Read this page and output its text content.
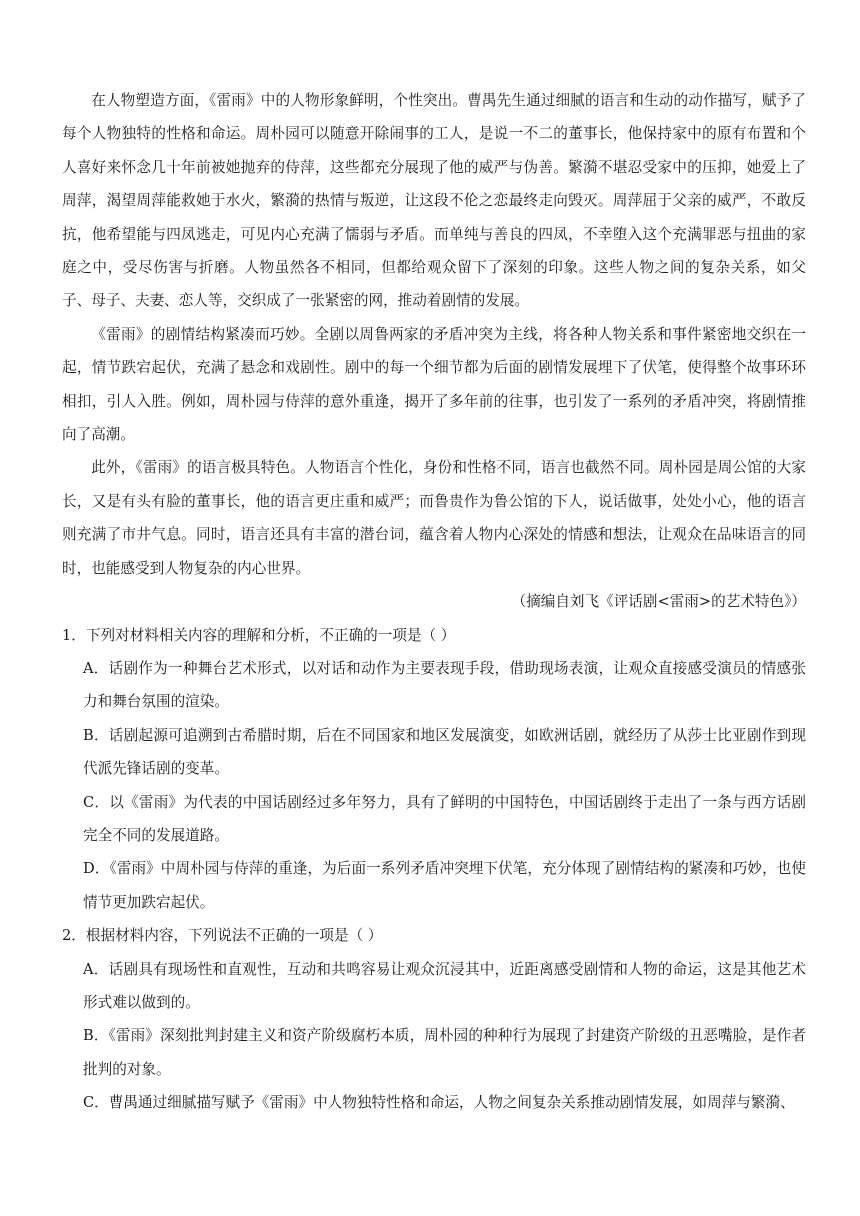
在人物塑造方面，《雷雨》中的人物形象鲜明，个性突出。曹禺先生通过细腻的语言和生动的动作描写，赋予了每个人物独特的性格和命运。周朴园可以随意开除闹事的工人，是说一不二的董事长，他保持家中的原有布置和个人喜好来怀念几十年前被她抛弃的侍萍，这些都充分展现了他的威严与伪善。繁漪不堪忍受家中的压抑，她爱上了周萍，渴望周萍能救她于水火，繁漪的热情与叛逆，让这段不伦之恋最终走向毁灭。周萍屈于父亲的威严，不敢反抗，他希望能与四凤逃走，可见内心充满了懦弱与矛盾。而单纯与善良的四凤，不幸堕入这个充满罪恶与扭曲的家庭之中，受尽伤害与折磨。人物虽然各不相同，但都给观众留下了深刻的印象。这些人物之间的复杂关系，如父子、母子、夫妻、恋人等，交织成了一张紧密的网，推动着剧情的发展。

《雷雨》的剧情结构紧凑而巧妙。全剧以周鲁两家的矛盾冲突为主线，将各种人物关系和事件紧密地交织在一起，情节跌宕起伏，充满了悬念和戏剧性。剧中的每一个细节都为后面的剧情发展埋下了伏笔，使得整个故事环环相扣，引人入胜。例如，周朴园与侍萍的意外重逢，揭开了多年前的往事，也引发了一系列的矛盾冲突，将剧情推向了高潮。

此外，《雷雨》的语言极具特色。人物语言个性化，身份和性格不同，语言也截然不同。周朴园是周公馆的大家长，又是有头有脸的董事长，他的语言更庄重和威严；而鲁贵作为鲁公馆的下人，说话做事，处处小心，他的语言则充满了市井气息。同时，语言还具有丰富的潜台词，蕴含着人物内心深处的情感和想法，让观众在品味语言的同时，也能感受到人物复杂的内心世界。

（摘编自刘飞《评话剧<雷雨>的艺术特色》）

1．下列对材料相关内容的理解和分析，不正确的一项是（ ）

A．话剧作为一种舞台艺术形式，以对话和动作为主要表现手段，借助现场表演，让观众直接感受演员的情感张力和舞台氛围的渲染。

B．话剧起源可追溯到古希腊时期，后在不同国家和地区发展演变，如欧洲话剧，就经历了从莎士比亚剧作到现代派先锋话剧的变革。

C．以《雷雨》为代表的中国话剧经过多年努力，具有了鲜明的中国特色，中国话剧终于走出了一条与西方话剧完全不同的发展道路。

D．《雷雨》中周朴园与侍萍的重逢，为后面一系列矛盾冲突埋下伏笔，充分体现了剧情结构的紧凑和巧妙，也使情节更加跌宕起伏。

2．根据材料内容，下列说法不正确的一项是（ ）

A．话剧具有现场性和直观性，互动和共鸣容易让观众沉浸其中，近距离感受剧情和人物的命运，这是其他艺术形式难以做到的。

B．《雷雨》深刻批判封建主义和资产阶级腐朽本质，周朴园的种种行为展现了封建资产阶级的丑恶嘴脸，是作者批判的对象。

C．曹禺通过细腻描写赋予《雷雨》中人物独特性格和命运，人物之间复杂关系推动剧情发展，如周萍与繁漪、
